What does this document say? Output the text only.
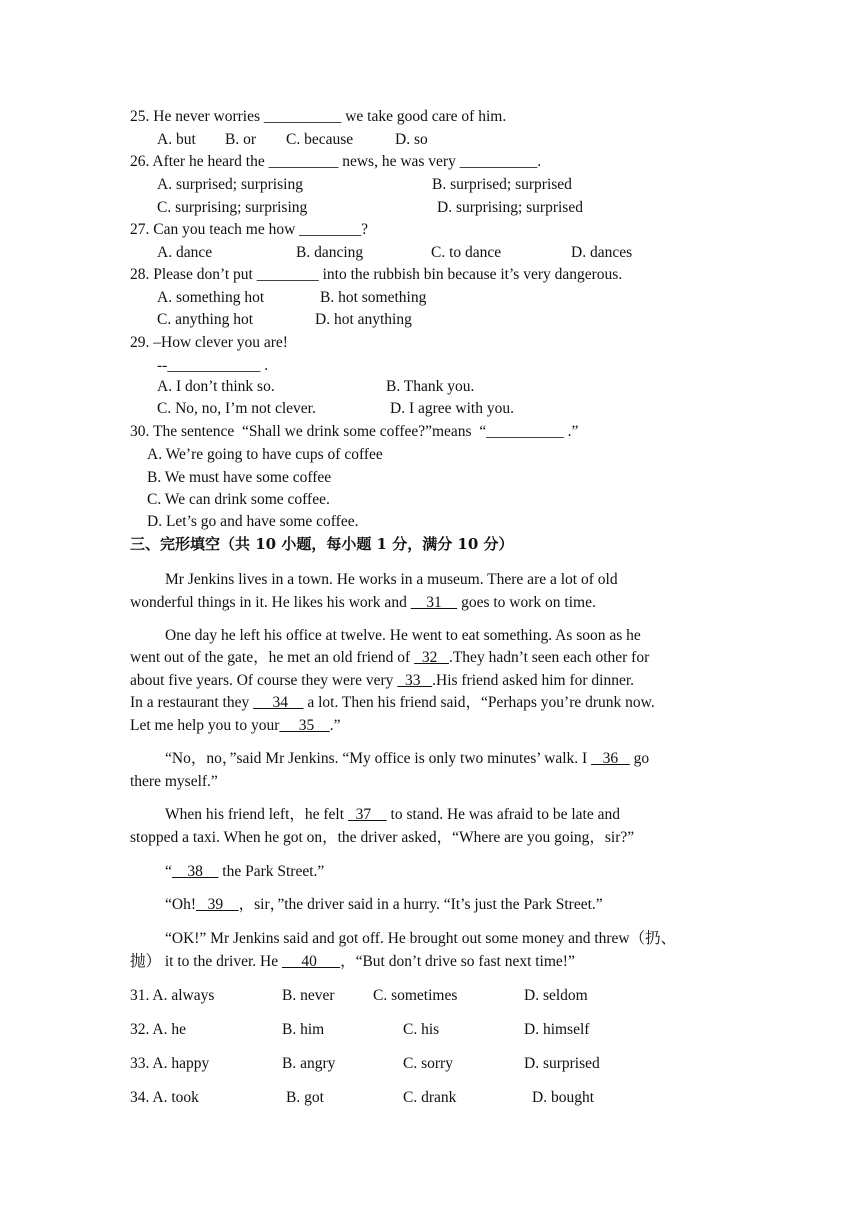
25. He never worries __________ we take good care of him.
A. but B. or C. because	D. so
26. After he heard the _________ news, he was very __________.
A. surprised; surprising	B. surprised; surprised
C. surprising; surprising	D. surprising; surprised
27. Can you teach me how ________?
A. dance	B. dancing	C. to dance	D. dances
28. Please don’t put ________ into the rubbish bin because it’s very dangerous.
A. something hot	B. hot something
C. anything hot	D. hot anything
29. –How clever you are!
--____________ .
A. I don’t think so.	B. Thank you.
C. No, no, I’m not clever.	D. I agree with you.
30. The sentence  “Shall we drink some coffee?”means  “__________ .”
A. We’re going to have cups of coffee
B. We must have some coffee
C. We can drink some coffee.
D. Let’s go and have some coffee.
三、完形填空（共 10 小题，每小题 1 分，满分 10 分）
Mr Jenkins lives in a town. He works in a museum. There are a lot of old
wonderful things in it. He likes his work and     31     goes to work on time.
One day he left his office at twelve. He went to eat something. As soon as he
went out of the gate，he met an old friend of   32   .They hadn’t seen each other for
about five years. Of course they were very   33   .His friend asked him for dinner.
In a restaurant they      34     a lot. Then his friend said，“Perhaps you’re drunk now.
Let me help you to your     35    .”
“No，no，”said Mr Jenkins. “My office is only two minutes’ walk. I    36    go
there myself.”
When his friend left，he felt   37     to stand. He was afraid to be late and
stopped a taxi. When he got on，the driver asked，“Where are you going，sir?”
“    38     the Park Street.”
“Oh!   39    ，sir，”the driver said in a hurry. “It’s just the Park Street.”
“OK!” Mr Jenkins said and got off. He brought out some money and threw（扔、
抛） it to the driver. He      40      ，“But don’t drive so fast next time!”
31. A. always	B. never C. sometimes	D. seldom
32. A. he	B. him	C. his	D. himself
33. A. happy	B. angry	C. sorry	D. surprised
34. A. took	B. got	C. drank	D. bought
